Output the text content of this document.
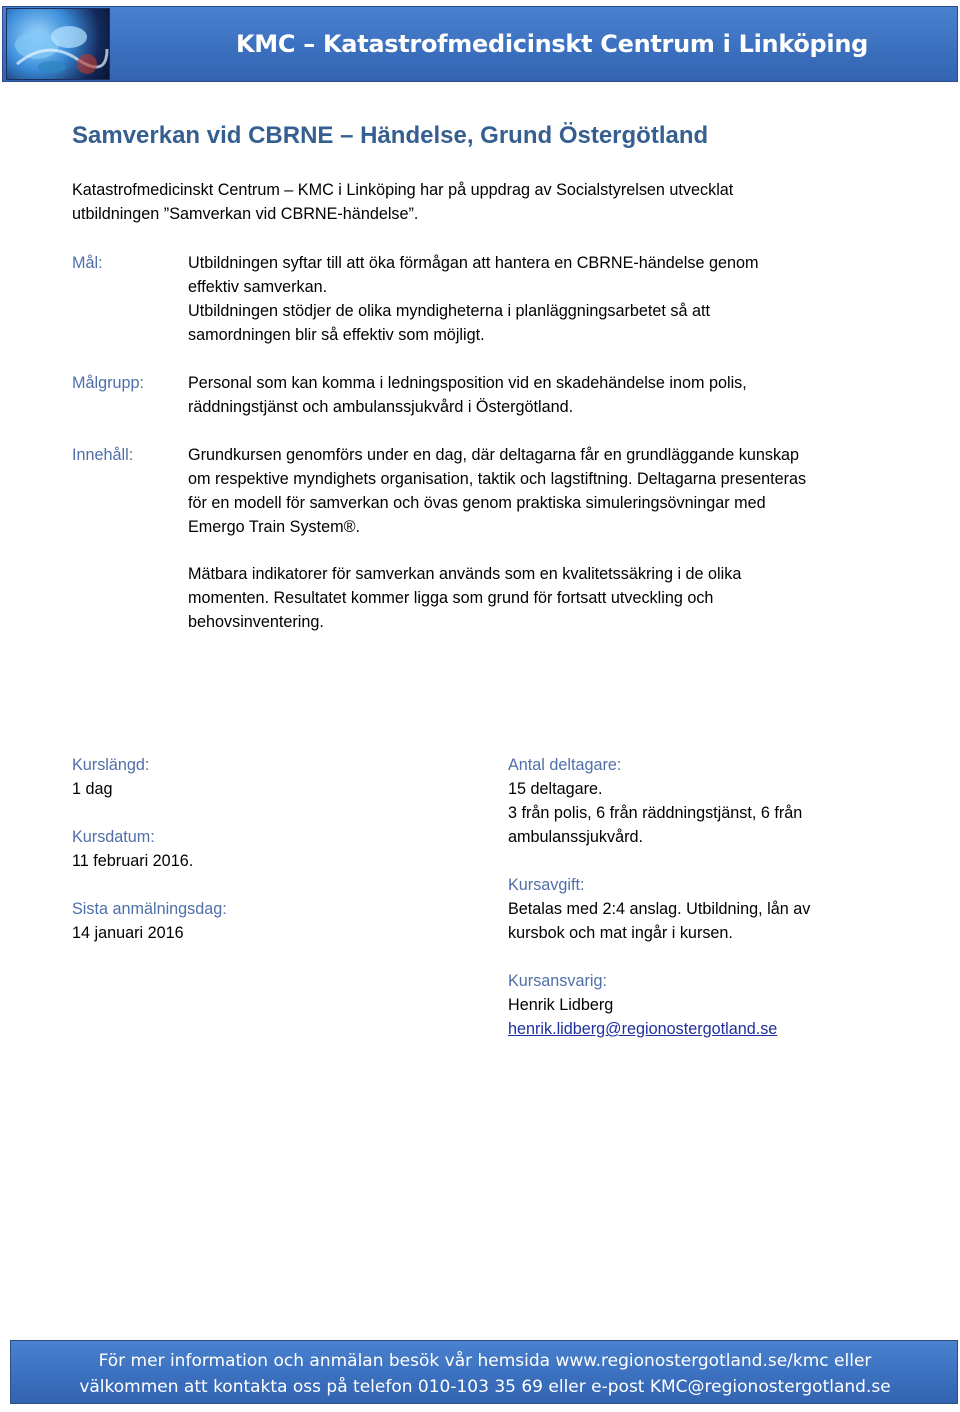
KMC – Katastrofmedicinskt Centrum i Linköping
Samverkan vid CBRNE – Händelse, Grund Östergötland
Katastrofmedicinskt Centrum – KMC i Linköping har på uppdrag av Socialstyrelsen utvecklat
utbildningen ”Samverkan vid CBRNE-händelse”.
Mål:	Utbildningen syftar till att öka förmågan att hantera en CBRNE-händelse genom
effektiv samverkan.
Utbildningen stödjer de olika myndigheterna i planläggningsarbetet så att
samordningen blir så effektiv som möjligt.
Målgrupp:	Personal som kan komma i ledningsposition vid en skadehändelse inom polis,
räddningstjänst och ambulanssjukvård i Östergötland.
Innehåll:	Grundkursen genomförs under en dag, där deltagarna får en grundläggande kunskap
om respektive myndighets organisation, taktik och lagstiftning. Deltagarna presenteras
för en modell för samverkan och övas genom praktiska simuleringsövningar med
Emergo Train System®.
Mätbara indikatorer för samverkan används som en kvalitetssäkring i de olika
momenten. Resultatet kommer ligga som grund för fortsatt utveckling och
behovsinventering.
Kurslängd:
1 dag
Kursdatum:
11 februari 2016.
Sista anmälningsdag:
14 januari 2016
Antal deltagare:
15 deltagare.
3 från polis, 6 från räddningstjänst, 6 från
ambulanssjukvård.
Kursavgift:
Betalas med 2:4 anslag. Utbildning, lån av
kursbok och mat ingår i kursen.
Kursansvarig:
Henrik Lidberg
henrik.lidberg@regionostergotland.se
För mer information och anmälan besök vår hemsida www.regionostergotland.se/kmc eller
välkommen att kontakta oss på telefon 010-103 35 69 eller e-post KMC@regionostergotland.se
